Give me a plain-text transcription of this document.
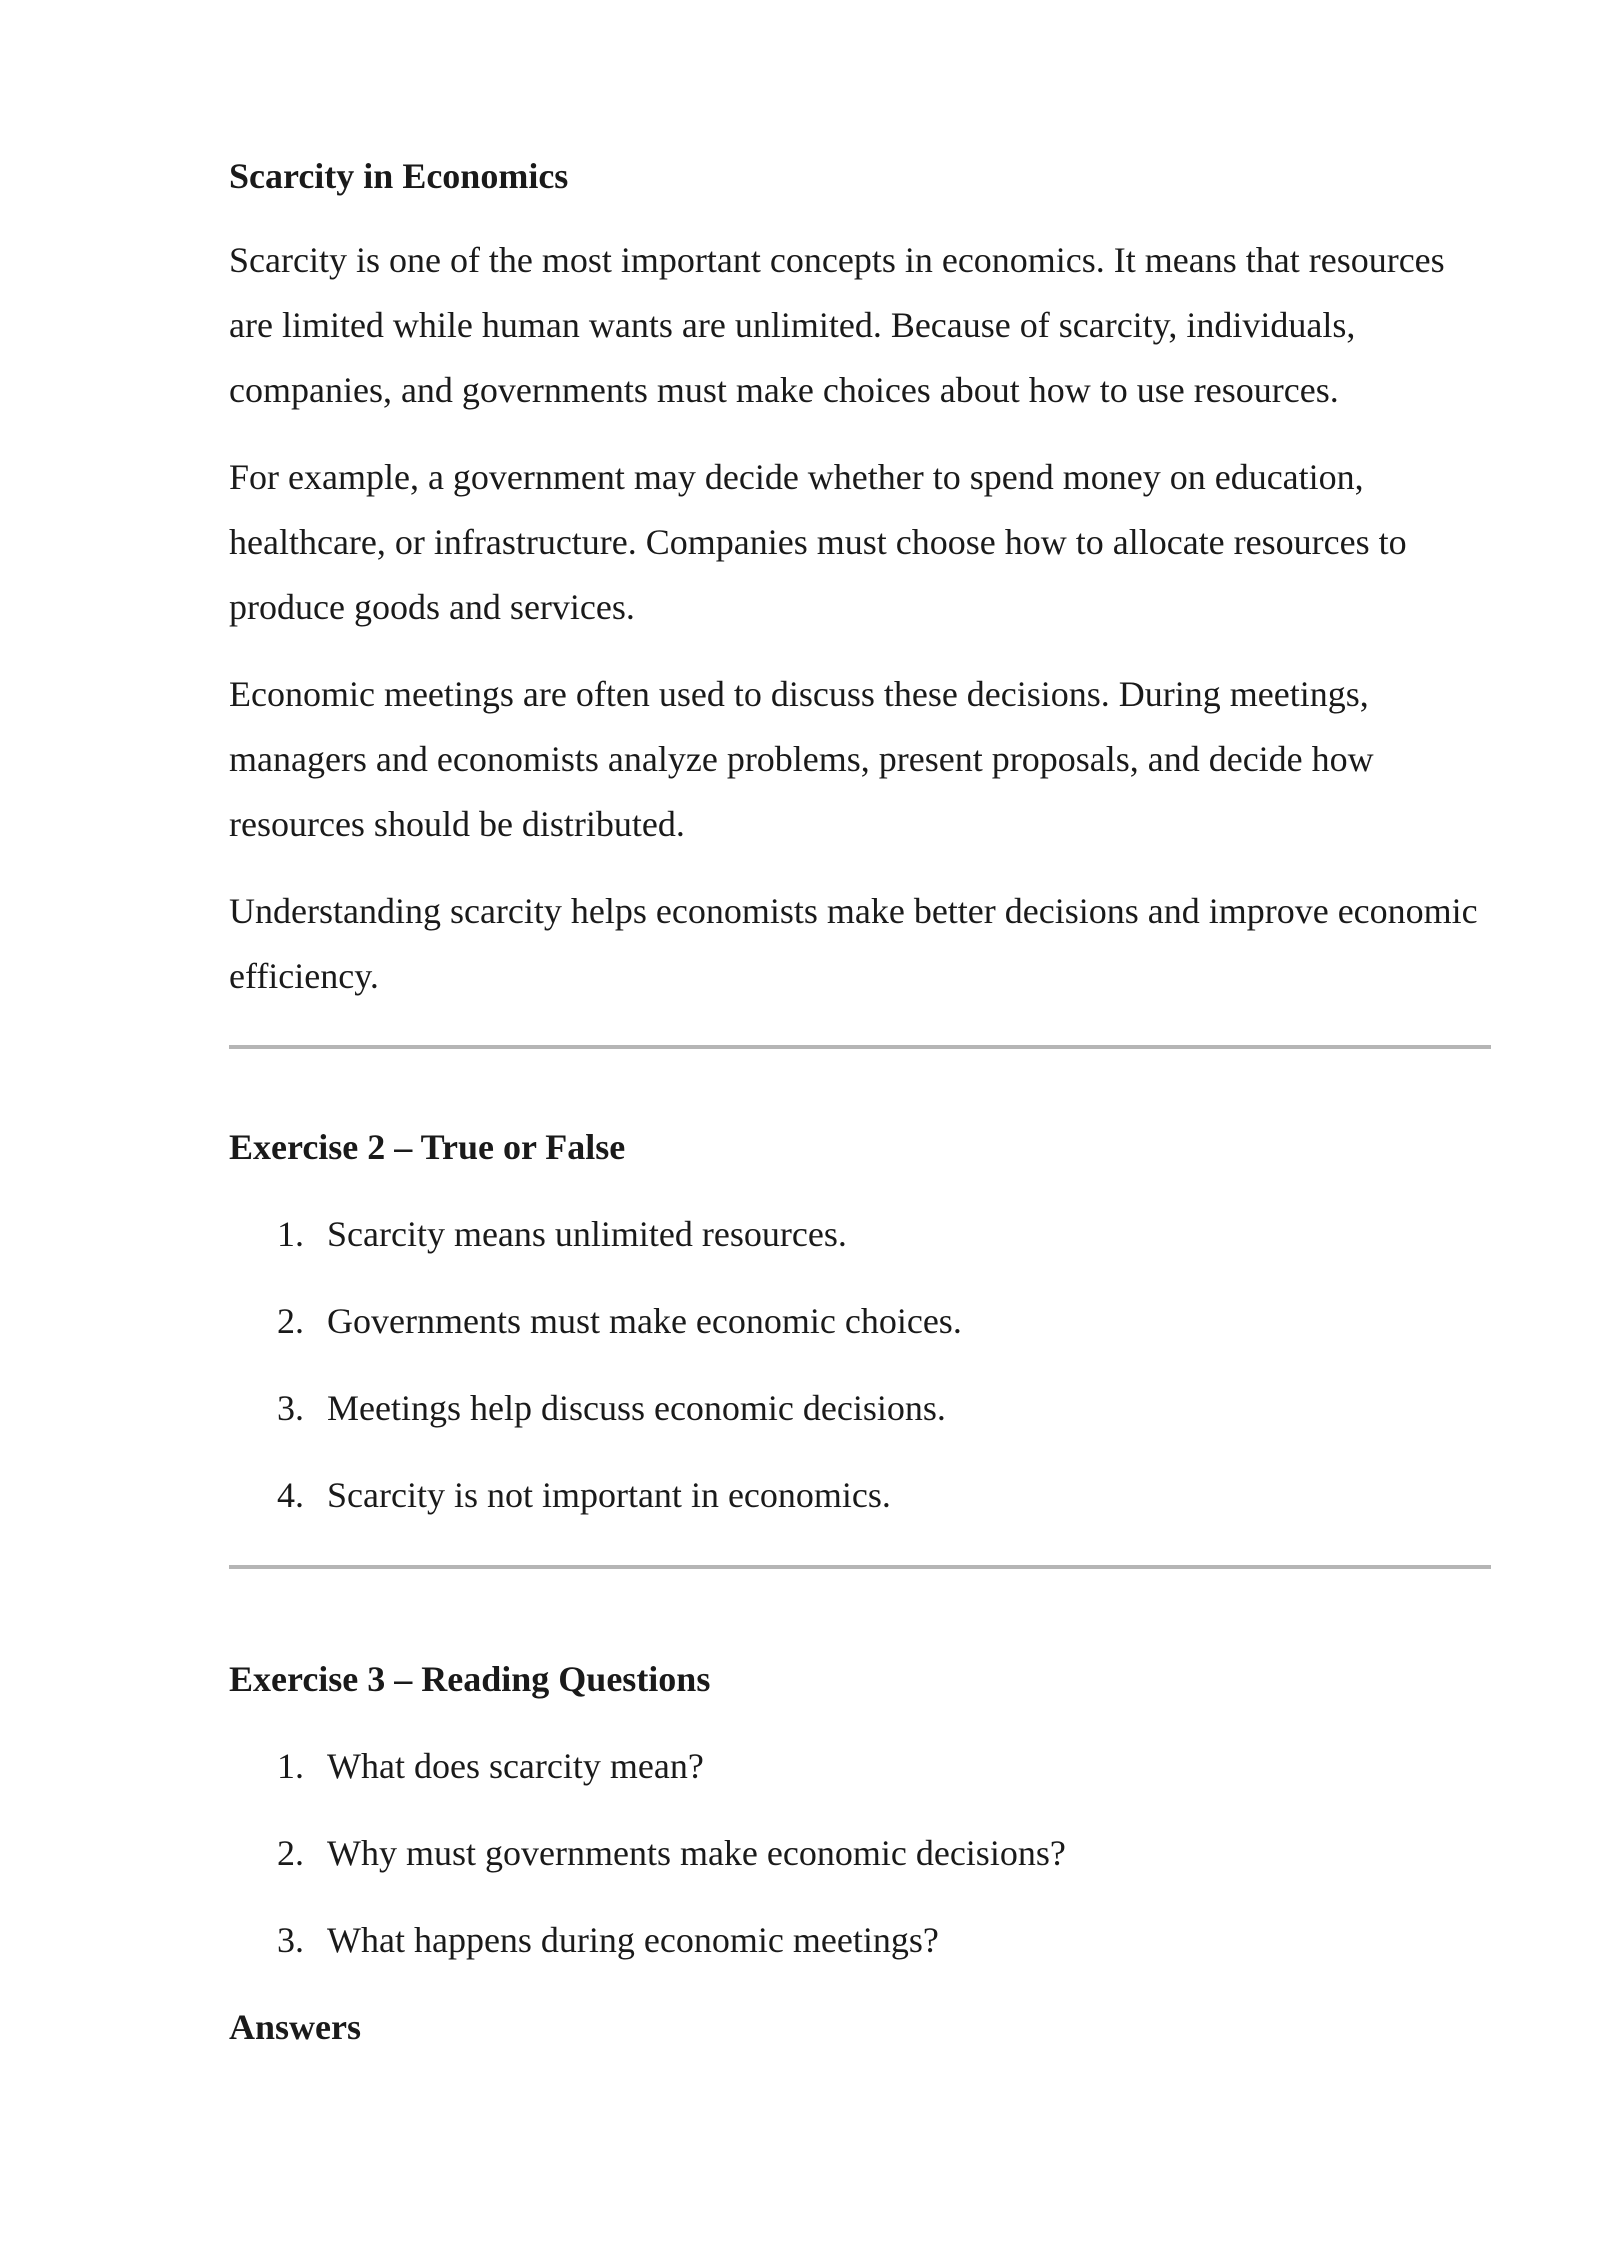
Scarcity in Economics

Scarcity is one of the most important concepts in economics. It means that resources are limited while human wants are unlimited. Because of scarcity, individuals, companies, and governments must make choices about how to use resources.

For example, a government may decide whether to spend money on education, healthcare, or infrastructure. Companies must choose how to allocate resources to produce goods and services.

Economic meetings are often used to discuss these decisions. During meetings, managers and economists analyze problems, present proposals, and decide how resources should be distributed.

Understanding scarcity helps economists make better decisions and improve economic efficiency.

Exercise 2 – True or False
1. Scarcity means unlimited resources.
2. Governments must make economic choices.
3. Meetings help discuss economic decisions.
4. Scarcity is not important in economics.
Exercise 3 – Reading Questions
1. What does scarcity mean?
2. Why must governments make economic decisions?
3. What happens during economic meetings?
Answers
